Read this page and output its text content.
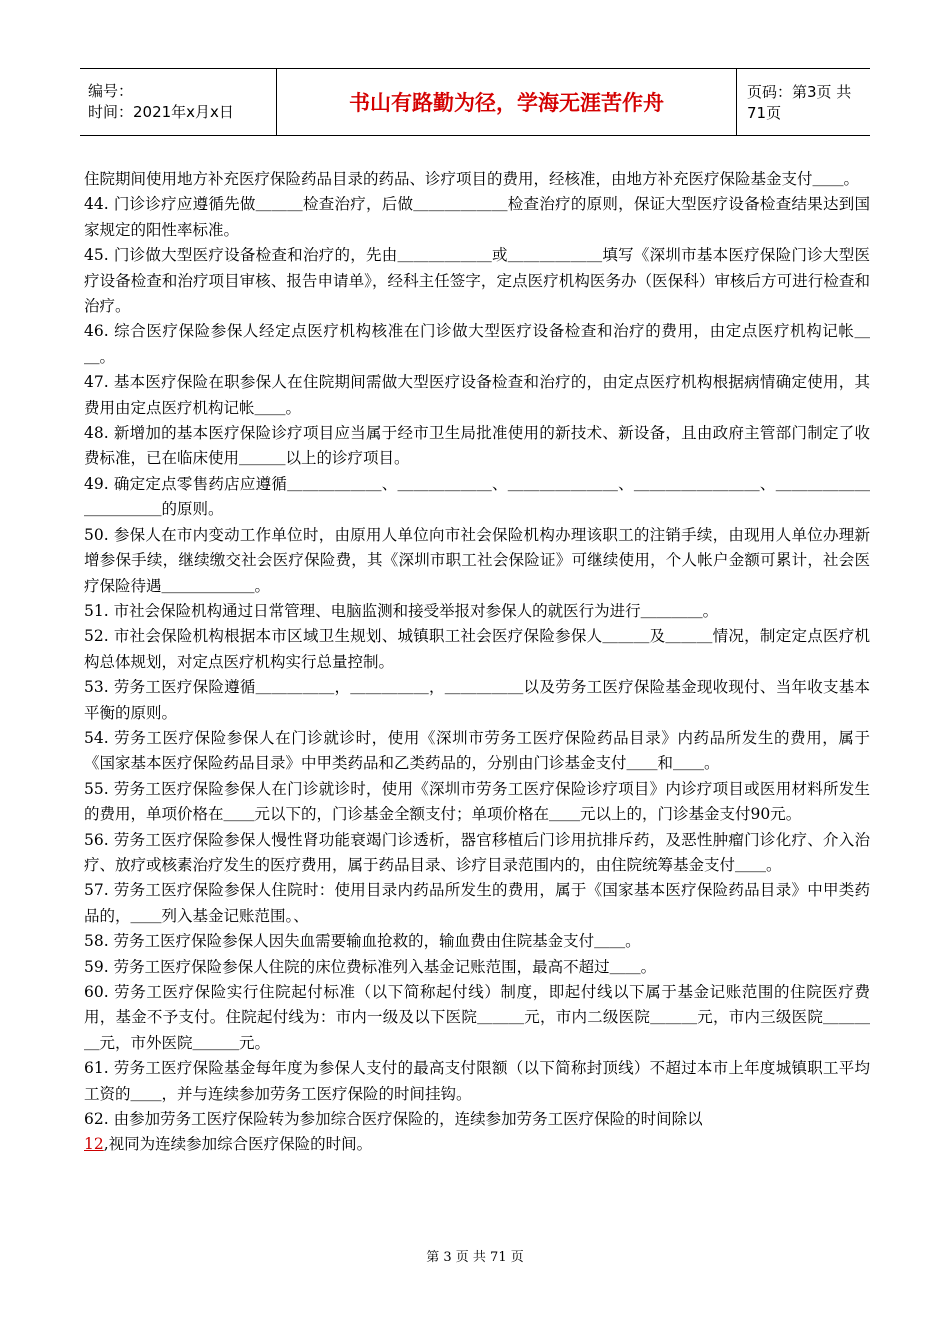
编号：
时间：2021年x月x日	书山有路勤为径，学海无涯苦作舟	页码：第3页 共71页

住院期间使用地方补充医疗保险药品目录的药品、诊疗项目的费用，经核准，由地方补充医疗保险基金支付＿＿。

44. 门诊诊疗应遵循先做＿＿＿检查治疗，后做＿＿＿＿＿＿检查治疗的原则，保证大型医疗设备检查结果达到国家规定的阳性率标准。

45. 门诊做大型医疗设备检查和治疗的，先由＿＿＿＿＿＿或＿＿＿＿＿＿填写《深圳市基本医疗保险门诊大型医疗设备检查和治疗项目审核、报告申请单》，经科主任签字，定点医疗机构医务办（医保科）审核后方可进行检查和治疗。

46. 综合医疗保险参保人经定点医疗机构核准在门诊做大型医疗设备检查和治疗的费用，由定点医疗机构记帐＿＿。

47. 基本医疗保险在职参保人在住院期间需做大型医疗设备检查和治疗的，由定点医疗机构根据病情确定使用，其费用由定点医疗机构记帐＿＿。

48. 新增加的基本医疗保险诊疗项目应当属于经市卫生局批准使用的新技术、新设备，且由政府主管部门制定了收费标准，已在临床使用＿＿＿以上的诊疗项目。

49. 确定定点零售药店应遵循＿＿＿＿＿＿、＿＿＿＿＿＿、＿＿＿＿＿＿＿、＿＿＿＿＿＿＿＿、＿＿＿＿＿＿＿＿＿＿＿的原则。

50. 参保人在市内变动工作单位时，由原用人单位向市社会保险机构办理该职工的注销手续，由现用人单位办理新增参保手续，继续缴交社会医疗保险费，其《深圳市职工社会保险证》可继续使用，个人帐户金额可累计，社会医疗保险待遇＿＿＿＿＿＿。

51. 市社会保险机构通过日常管理、电脑监测和接受举报对参保人的就医行为进行＿＿＿＿。

52. 市社会保险机构根据本市区域卫生规划、城镇职工社会医疗保险参保人＿＿＿及＿＿＿情况，制定定点医疗机构总体规划，对定点医疗机构实行总量控制。

53. 劳务工医疗保险遵循＿＿＿＿＿，＿＿＿＿＿，＿＿＿＿＿以及劳务工医疗保险基金现收现付、当年收支基本平衡的原则。

54. 劳务工医疗保险参保人在门诊就诊时，使用《深圳市劳务工医疗保险药品目录》内药品所发生的费用，属于《国家基本医疗保险药品目录》中甲类药品和乙类药品的，分别由门诊基金支付＿＿和＿＿。

55. 劳务工医疗保险参保人在门诊就诊时，使用《深圳市劳务工医疗保险诊疗项目》内诊疗项目或医用材料所发生的费用，单项价格在＿＿元以下的，门诊基金全额支付；单项价格在＿＿元以上的，门诊基金支付90元。

56. 劳务工医疗保险参保人慢性肾功能衰竭门诊透析，器官移植后门诊用抗排斥药，及恶性肿瘤门诊化疗、介入治疗、放疗或核素治疗发生的医疗费用，属于药品目录、诊疗目录范围内的，由住院统筹基金支付＿＿。

57. 劳务工医疗保险参保人住院时：使用目录内药品所发生的费用，属于《国家基本医疗保险药品目录》中甲类药品的，＿＿列入基金记账范围。、

58. 劳务工医疗保险参保人因失血需要输血抢救的，输血费由住院基金支付＿＿。

59. 劳务工医疗保险参保人住院的床位费标准列入基金记账范围，最高不超过＿＿。

60. 劳务工医疗保险实行住院起付标准（以下简称起付线）制度，即起付线以下属于基金记账范围的住院医疗费用，基金不予支付。住院起付线为：市内一级及以下医院＿＿＿元，市内二级医院＿＿＿元，市内三级医院＿＿＿＿元，市外医院＿＿＿元。

61. 劳务工医疗保险基金每年度为参保人支付的最高支付限额（以下简称封顶线）不超过本市上年度城镇职工平均工资的＿＿，并与连续参加劳务工医疗保险的时间挂钩。

62. 由参加劳务工医疗保险转为参加综合医疗保险的，连续参加劳务工医疗保险的时间除以
12,视同为连续参加综合医疗保险的时间。

第 3 页 共 71 页
